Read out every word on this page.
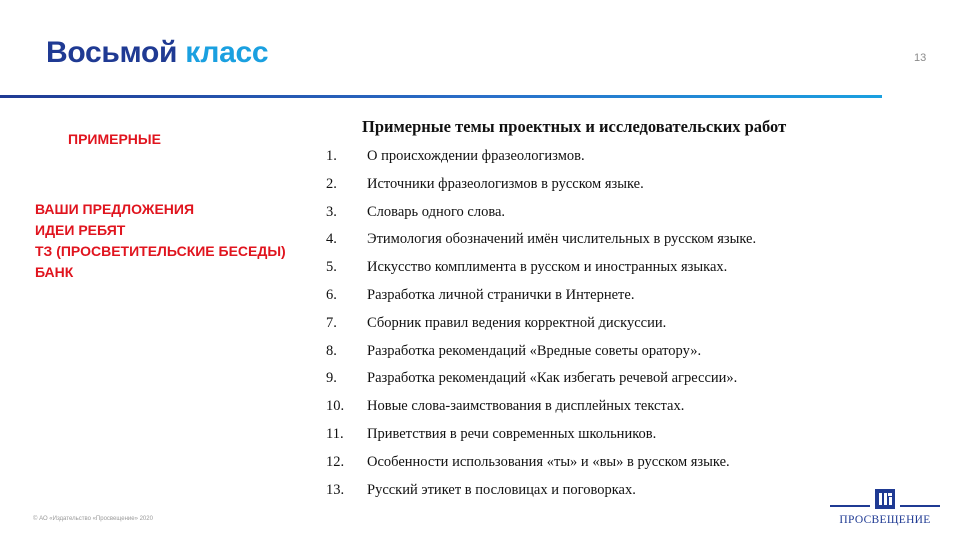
Восьмой класс	13
ПРИМЕРНЫЕ
ВАШИ ПРЕДЛОЖЕНИЯ
ИДЕИ РЕБЯТ
ТЗ (ПРОСВЕТИТЕЛЬСКИЕ БЕСЕДЫ)
БАНК
Примерные темы проектных и исследовательских работ
1. О происхождении фразеологизмов.
2. Источники фразеологизмов в русском языке.
3. Словарь одного слова.
4. Этимология обозначений имён числительных в русском языке.
5. Искусство комплимента в русском и иностранных языках.
6. Разработка личной странички в Интернете.
7. Сборник правил ведения корректной дискуссии.
8. Разработка рекомендаций «Вредные советы оратору».
9. Разработка рекомендаций «Как избегать речевой агрессии».
10. Новые слова-заимствования в дисплейных текстах.
11. Приветствия в речи современных школьников.
12. Особенности использования «ты» и «вы» в русском языке.
13. Русский этикет в пословицах и поговорках.
© АО «Издательство «Просвещение» 2020	ПРОСВЕЩЕНИЕ
